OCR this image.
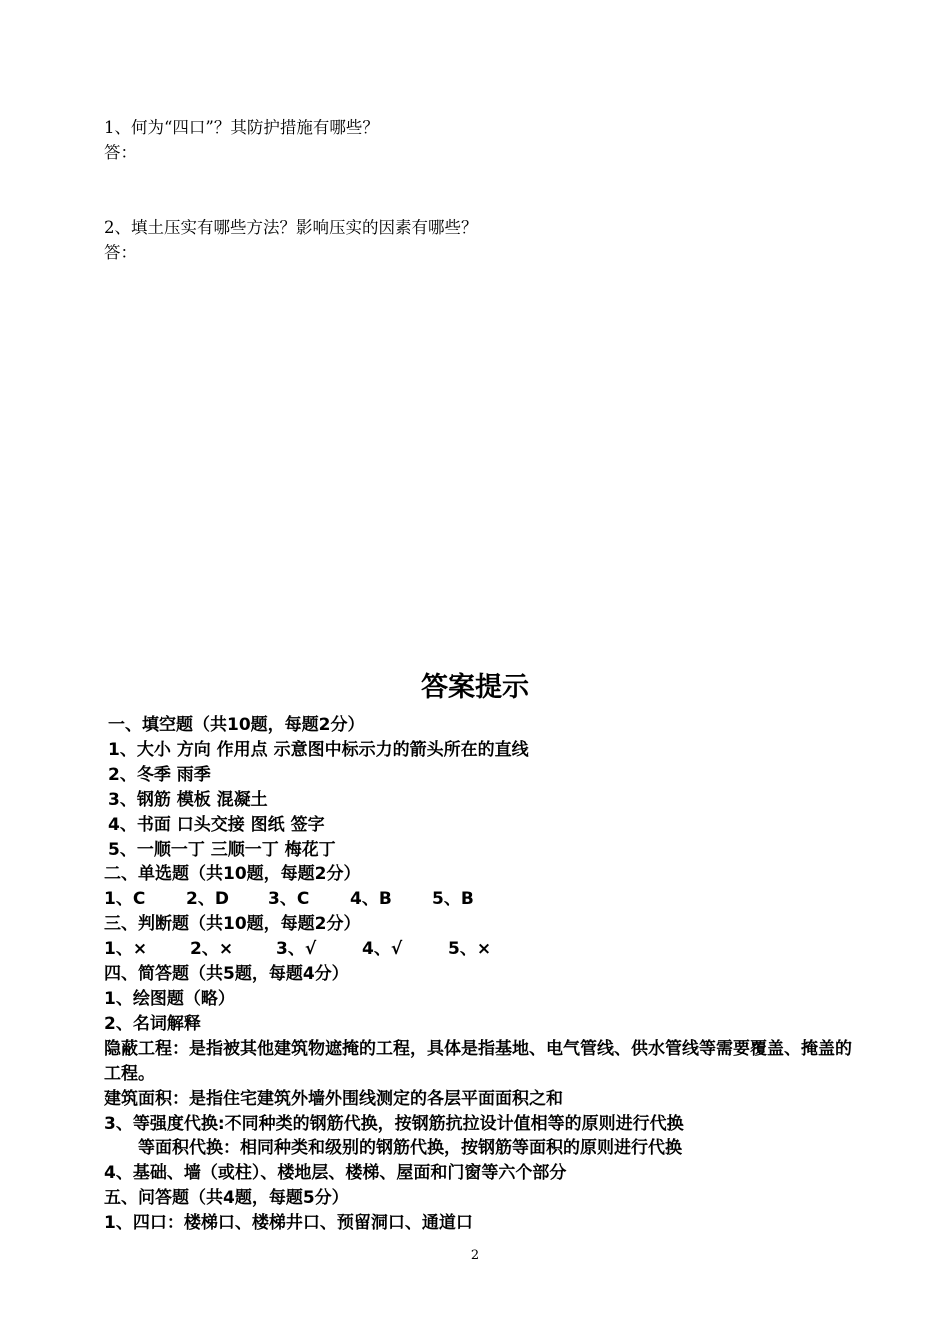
1、何为“四口”？其防护措施有哪些？
答：
2、填土压实有哪些方法？影响压实的因素有哪些？
答：
答案提示
一、填空题（共10题，每题2分）
1、大小 方向 作用点 示意图中标示力的箭头所在的直线
2、冬季 雨季
3、钢筋 模板 混凝土
4、书面 口头交接 图纸 签字
5、一顺一丁 三顺一丁 梅花丁
二、单选题（共10题，每题2分）
1、C 2、D 3、C 4、B 5、B
三、判断题（共10题，每题2分）
1、×	2、×	3、√	4、√	5、×
四、简答题（共5题，每题4分）
1、绘图题（略）
2、名词解释
隐蔽工程：是指被其他建筑物遮掩的工程，具体是指基地、电气管线、供水管线等需要覆盖、掩盖的工程。
建筑面积：是指住宅建筑外墙外围线测定的各层平面面积之和
3、等强度代换:不同种类的钢筋代换，按钢筋抗拉设计值相等的原则进行代换
等面积代换：相同种类和级别的钢筋代换，按钢筋等面积的原则进行代换
4、基础、墙（或柱）、楼地层、楼梯、屋面和门窗等六个部分
五、问答题（共4题，每题5分）
1、四口：楼梯口、楼梯井口、预留洞口、通道口
2
